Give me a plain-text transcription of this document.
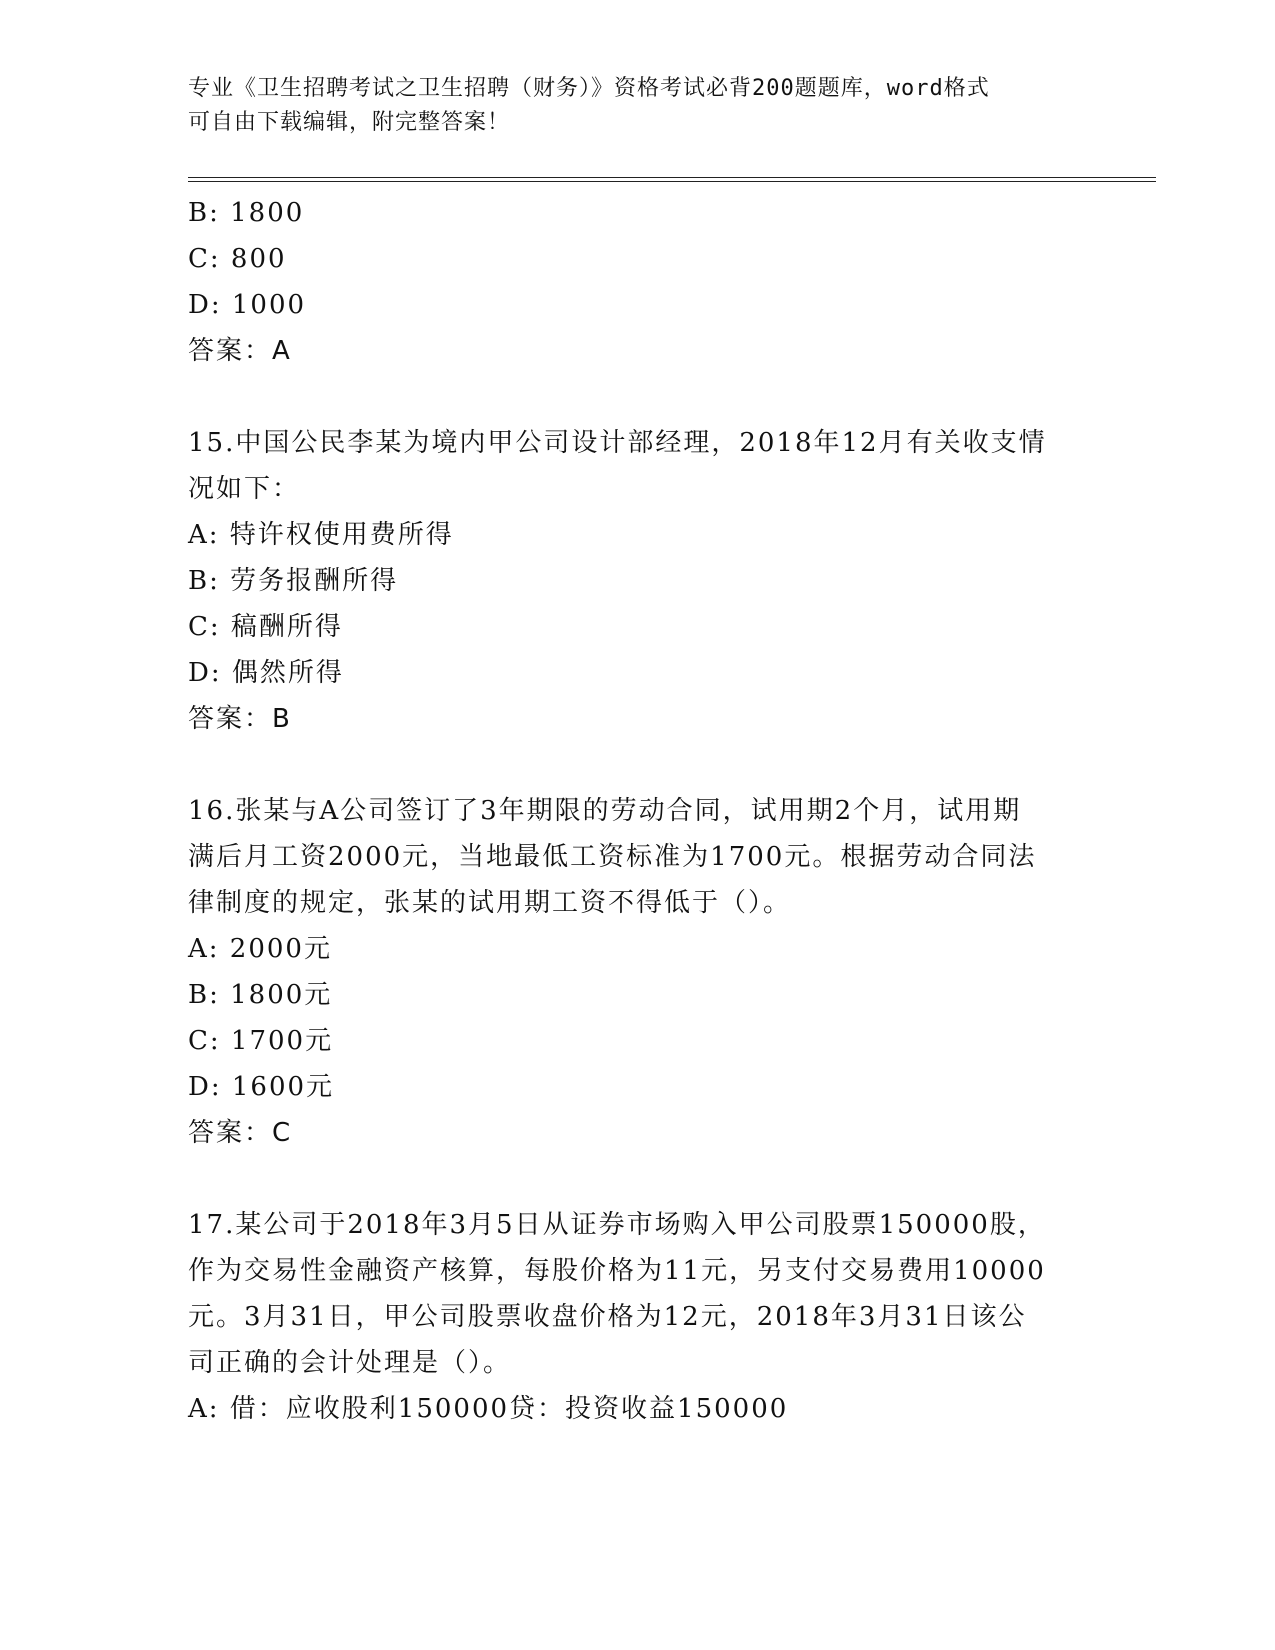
专业《卫生招聘考试之卫生招聘（财务）》资格考试必背200题题库，word格式
可自由下载编辑，附完整答案！
B: 1800
C: 800
D: 1000
答案：A
15.中国公民李某为境内甲公司设计部经理，2018年12月有关收支情
况如下：
A: 特许权使用费所得
B: 劳务报酬所得
C: 稿酬所得
D: 偶然所得
答案：B
16.张某与A公司签订了3年期限的劳动合同，试用期2个月，试用期
满后月工资2000元，当地最低工资标准为1700元。根据劳动合同法
律制度的规定，张某的试用期工资不得低于（）。
A: 2000元
B: 1800元
C: 1700元
D: 1600元
答案：C
17.某公司于2018年3月5日从证券市场购入甲公司股票150000股，
作为交易性金融资产核算，每股价格为11元，另支付交易费用10000
元。3月31日，甲公司股票收盘价格为12元，2018年3月31日该公
司正确的会计处理是（）。
A: 借：应收股利150000贷：投资收益150000
